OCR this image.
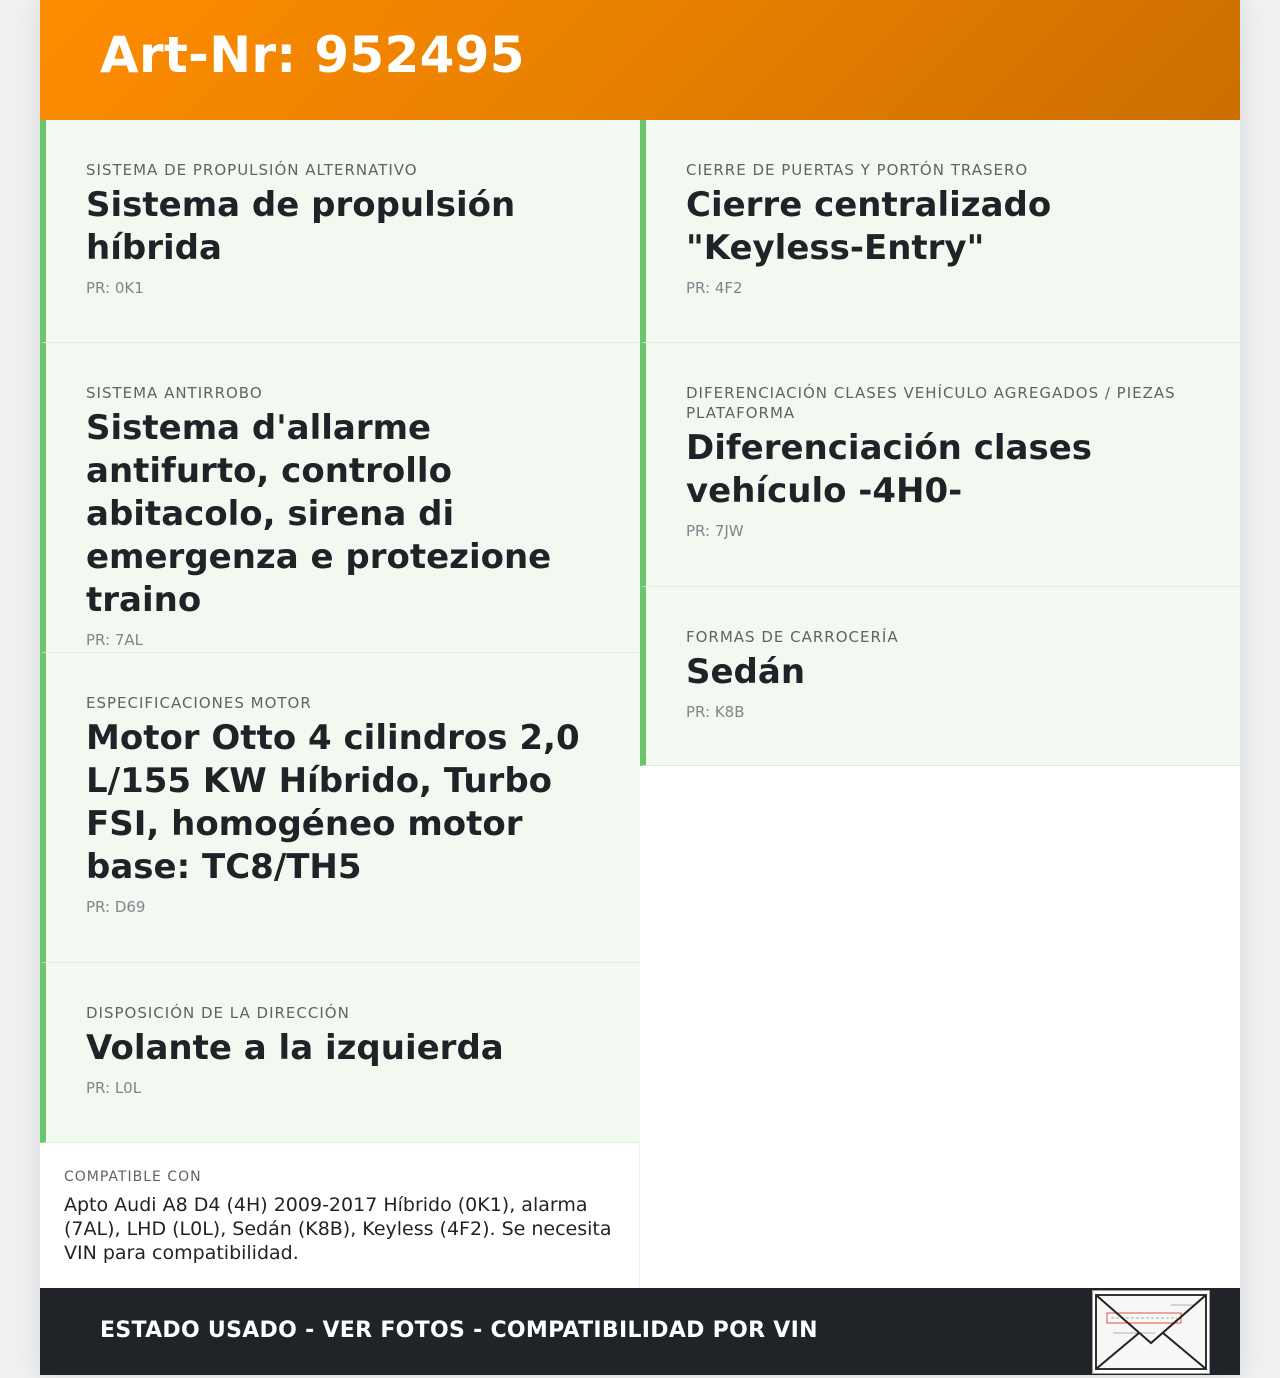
Art-Nr: 952495
SISTEMA DE PROPULSIÓN ALTERNATIVO
Sistema de propulsión híbrida
PR: 0K1
SISTEMA ANTIRROBO
Sistema d'allarme antifurto, controllo abitacolo, sirena di emergenza e protezione traino
PR: 7AL
ESPECIFICACIONES MOTOR
Motor Otto 4 cilindros 2,0 L/155 KW Híbrido, Turbo FSI, homogéneo motor base: TC8/TH5
PR: D69
DISPOSICIÓN DE LA DIRECCIÓN
Volante a la izquierda
PR: L0L
CIERRE DE PUERTAS Y PORTÓN TRASERO
Cierre centralizado "Keyless-Entry"
PR: 4F2
DIFERENCIACIÓN CLASES VEHÍCULO AGREGADOS / PIEZAS PLATAFORMA
Diferenciación clases vehículo -4H0-
PR: 7JW
FORMAS DE CARROCERÍA
Sedán
PR: K8B
COMPATIBLE CON
Apto Audi A8 D4 (4H) 2009-2017 Híbrido (0K1), alarma (7AL), LHD (L0L), Sedán (K8B), Keyless (4F2). Se necesita VIN para compatibilidad.
ESTADO USADO - VER FOTOS - COMPATIBILIDAD POR VIN
